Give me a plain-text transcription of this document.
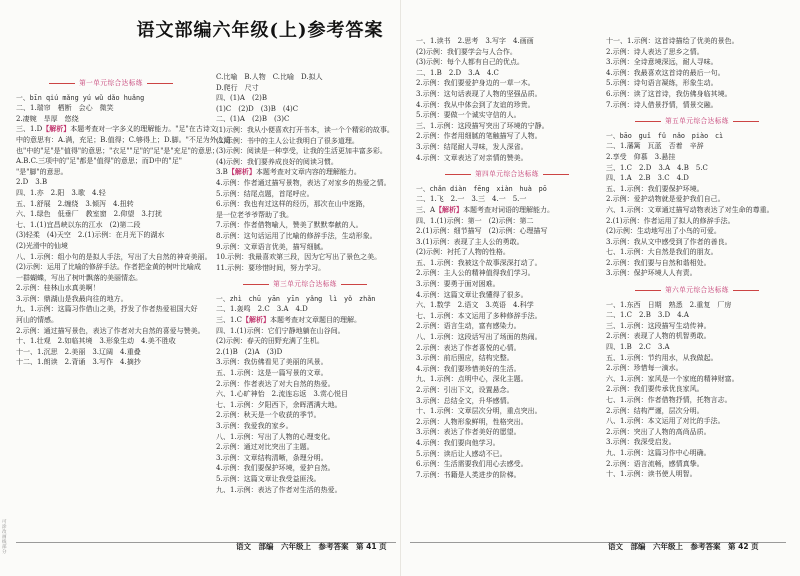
语文部编六年级(上)参考答案
第一单元综合达标练
一、bīn qiú mǎng yú wǔ dǎo huǎng
二、1.瑞帘　栖断　会心　微笑
2.凄婉　旱厚　悠绕
三、1.D【解析】本题考查对一字多义的理解能力。"足"在古诗文
中的意思有：A.满，充足；B.值得；C.够得上；D.脚。"不足为外人道
也"中的"足"是"值得"的意思；"衣足""足"的"足"是"充足"的意思；
A.B.C.三项中的"足"都是"值得"的意思；而D中的"足"
"是"脚"的意思。
2.D　3.B
四、1.亦　2.阳　3.歌　4.轻
五、1.舒展　2.缠绕　3.倾泻　4.扭转
六、1.绿色　低垂厂　教室窗　2.仰望　3.打扰
七、1.(1)宜昌峡以东的江水　(2)第二段
(3)轻柔　(4)天空　2.(1)示例：在月光下的湖水
(2)光滑中的仙境
八、1.示例：组小句的是拟人手法，写出了大自然的神奇美丽。
(2)示例：运用了比喻的修辞手法。作者把金黄的树叶比喻成
一群蝴蝶，写出了树叶飘落的美丽情态。
2.示例：桂林山水真美啊！
3.示例：鼎湖山是我最向往的地方。
九、1.示例：这篇习作借山之美，抒发了作者热爱祖国大好
河山的情感。
2.示例：通过描写景色，表达了作者对大自然的喜爱与赞美。
十、1.壮观　2.如临其境　3.形象生动　4.美不胜收
十一、1.沉思　2.美丽　3.辽阔　4.重叠
十二、1.朗读　2.背诵　3.写作　4.摘抄
C.比喻　B.人物　C.比喻　D.拟人
D.爬行　尺寸
四、(1)A　(2)B
(1)C　(2)D　(3)B　(4)C
二、(1)A　(2)B　(3)C
(1)示例：我从小便喜欢打开书本，读一个个精彩的故事。
(2)示例：书中的主人公让我明白了很多道理。
(3)示例：阅读是一种享受，让我的生活更加丰富多彩。
(4)示例：我们要养成良好的阅读习惯。
3.B【解析】本题考查对文章内容的理解能力。
4.示例：作者通过描写景物，表达了对家乡的热爱之情。
5.示例：结尾点题，首尾呼应。
6.示例：我也有过这样的经历，那次在山中迷路，
是一位老爷爷帮助了我。
7.示例：作者借物喻人，赞美了默默奉献的人。
8.示例：这句话运用了比喻的修辞手法，生动形象。
9.示例：文章语言优美，描写细腻。
10.示例：我最喜欢第三段，因为它写出了景色之美。
11.示例：要珍惜时间，努力学习。
第三单元综合达标练
一、zhì　chū　yān　yīn　yǎng　lì　yǒ　zhǎn
二、1.轰鸣　2.C　3.A　4.D
三、1.C【解析】本题考查对文章题目的理解。
四、1.(1)示例：它们宁静地躺在山谷间。
(2)示例：春天的田野充满了生机。
2.(1)B　(2)A　(3)D
3.示例：我仿佛看见了美丽的风景。
五、1.示例：这是一篇写景的文章。
2.示例：作者表达了对大自然的热爱。
六、1.心旷神怡　2.流连忘返　3.赏心悦目
七、1.示例：夕阳西下，余晖洒满大地。
2.示例：秋天是一个收获的季节。
3.示例：我爱我的家乡。
八、1.示例：写出了人物的心理变化。
2.示例：通过对比突出了主题。
3.示例：文章结构清晰，条理分明。
4.示例：我们要保护环境，爱护自然。
5.示例：这篇文章让我受益匪浅。
九、1.示例：表达了作者对生活的热爱。
一、1.读书　2.思考　3.写字　4.画画
(2)示例：我们要学会与人合作。
(3)示例：每个人都有自己的优点。
二、1.B　2.D　3.A　4.C
2.示例：我们要爱护身边的一草一木。
3.示例：这句话表现了人物的坚强品质。
4.示例：我从中体会到了友谊的珍贵。
5.示例：要做一个诚实守信的人。
三、1.示例：这段描写突出了环境的宁静。
2.示例：作者用细腻的笔触描写了人物。
3.示例：结尾耐人寻味，发人深省。
4.示例：文章表达了对亲情的赞美。
第四单元综合达标练
一、chǎn diàn　fēng　xiàn　huà　pō
二、1.飞　2.一　3.三　4.一　5.一
三、A【解析】本题考查对词语的理解能力。
四、1.(1)示例：第一　(2)示例：第二
2.(1)示例：细节描写　(2)示例：心理描写
3.(1)示例：表现了主人公的勇敢。
(2)示例：衬托了人物的性格。
五、1.示例：我被这个故事深深打动了。
2.示例：主人公的精神值得我们学习。
3.示例：要勇于面对困难。
4.示例：这篇文章让我懂得了很多。
六、1.数学　2.语文　3.英语　4.科学
七、1.示例：本文运用了多种修辞手法。
2.示例：语言生动，富有感染力。
八、1.示例：这段话写出了场面的热闹。
2.示例：表达了作者喜悦的心情。
3.示例：前后照应，结构完整。
4.示例：我们要珍惜美好的生活。
九、1.示例：点明中心，深化主题。
2.示例：引出下文，设置悬念。
3.示例：总结全文，升华感情。
十、1.示例：文章层次分明，重点突出。
2.示例：人物形象鲜明，性格突出。
3.示例：表达了作者美好的愿望。
4.示例：我们要向他学习。
5.示例：读后让人感动不已。
6.示例：生活需要我们用心去感受。
7.示例：书籍是人类进步的阶梯。
十一、1.示例：这首诗描绘了优美的景色。
2.示例：诗人表达了思乡之情。
3.示例：全诗意境深远，耐人寻味。
4.示例：我最喜欢这首诗的最后一句。
5.示例：诗句语言凝练，形象生动。
6.示例：读了这首诗，我仿佛身临其境。
7.示例：诗人借景抒情，情景交融。
第五单元综合达标练
一、bāo　guǐ　fǔ　nǎo　piào　cì
二、1.藩篱　瓦蓝　否着　辛辞
2.享受　仰慕　3.悬挂
三、1.C　2.D　3.A　4.B　5.C
四、1.A　2.B　3.C　4.D
五、1.示例：我们要保护环境。
2.示例：爱护动物就是爱护我们自己。
六、1.示例：文章通过描写动物表达了对生命的尊重。
2.(1)示例：作者运用了拟人的修辞手法。
(2)示例：生动地写出了小鸟的可爱。
3.示例：我从文中感受到了作者的善良。
七、1.示例：大自然是我们的朋友。
2.示例：我们要与自然和谐相处。
3.示例：保护环境人人有责。
第六单元综合达标练
一、1.东西　日期　熟悉　2.重复　厂房
二、1.C　2.B　3.D　4.A
三、1.示例：这段描写生动传神。
2.示例：表现了人物的机智勇敢。
四、1.B　2.C　3.A
五、1.示例：节约用水，从我做起。
2.示例：珍惜每一滴水。
六、1.示例：家风是一个家庭的精神财富。
2.示例：我们要传承优良家风。
七、1.示例：作者借物抒情，托物言志。
2.示例：结构严谨，层次分明。
八、1.示例：本文运用了对比的手法。
2.示例：突出了人物的高尚品质。
3.示例：我深受启发。
九、1.示例：这篇习作中心明确。
2.示例：语言流畅，感情真挚。
十、1.示例：读书使人明智。
语文　部编　六年级上　参考答案　第 41 页	语文　部编　六年级上　参考答案　第 42 页
可涂改画线部分
